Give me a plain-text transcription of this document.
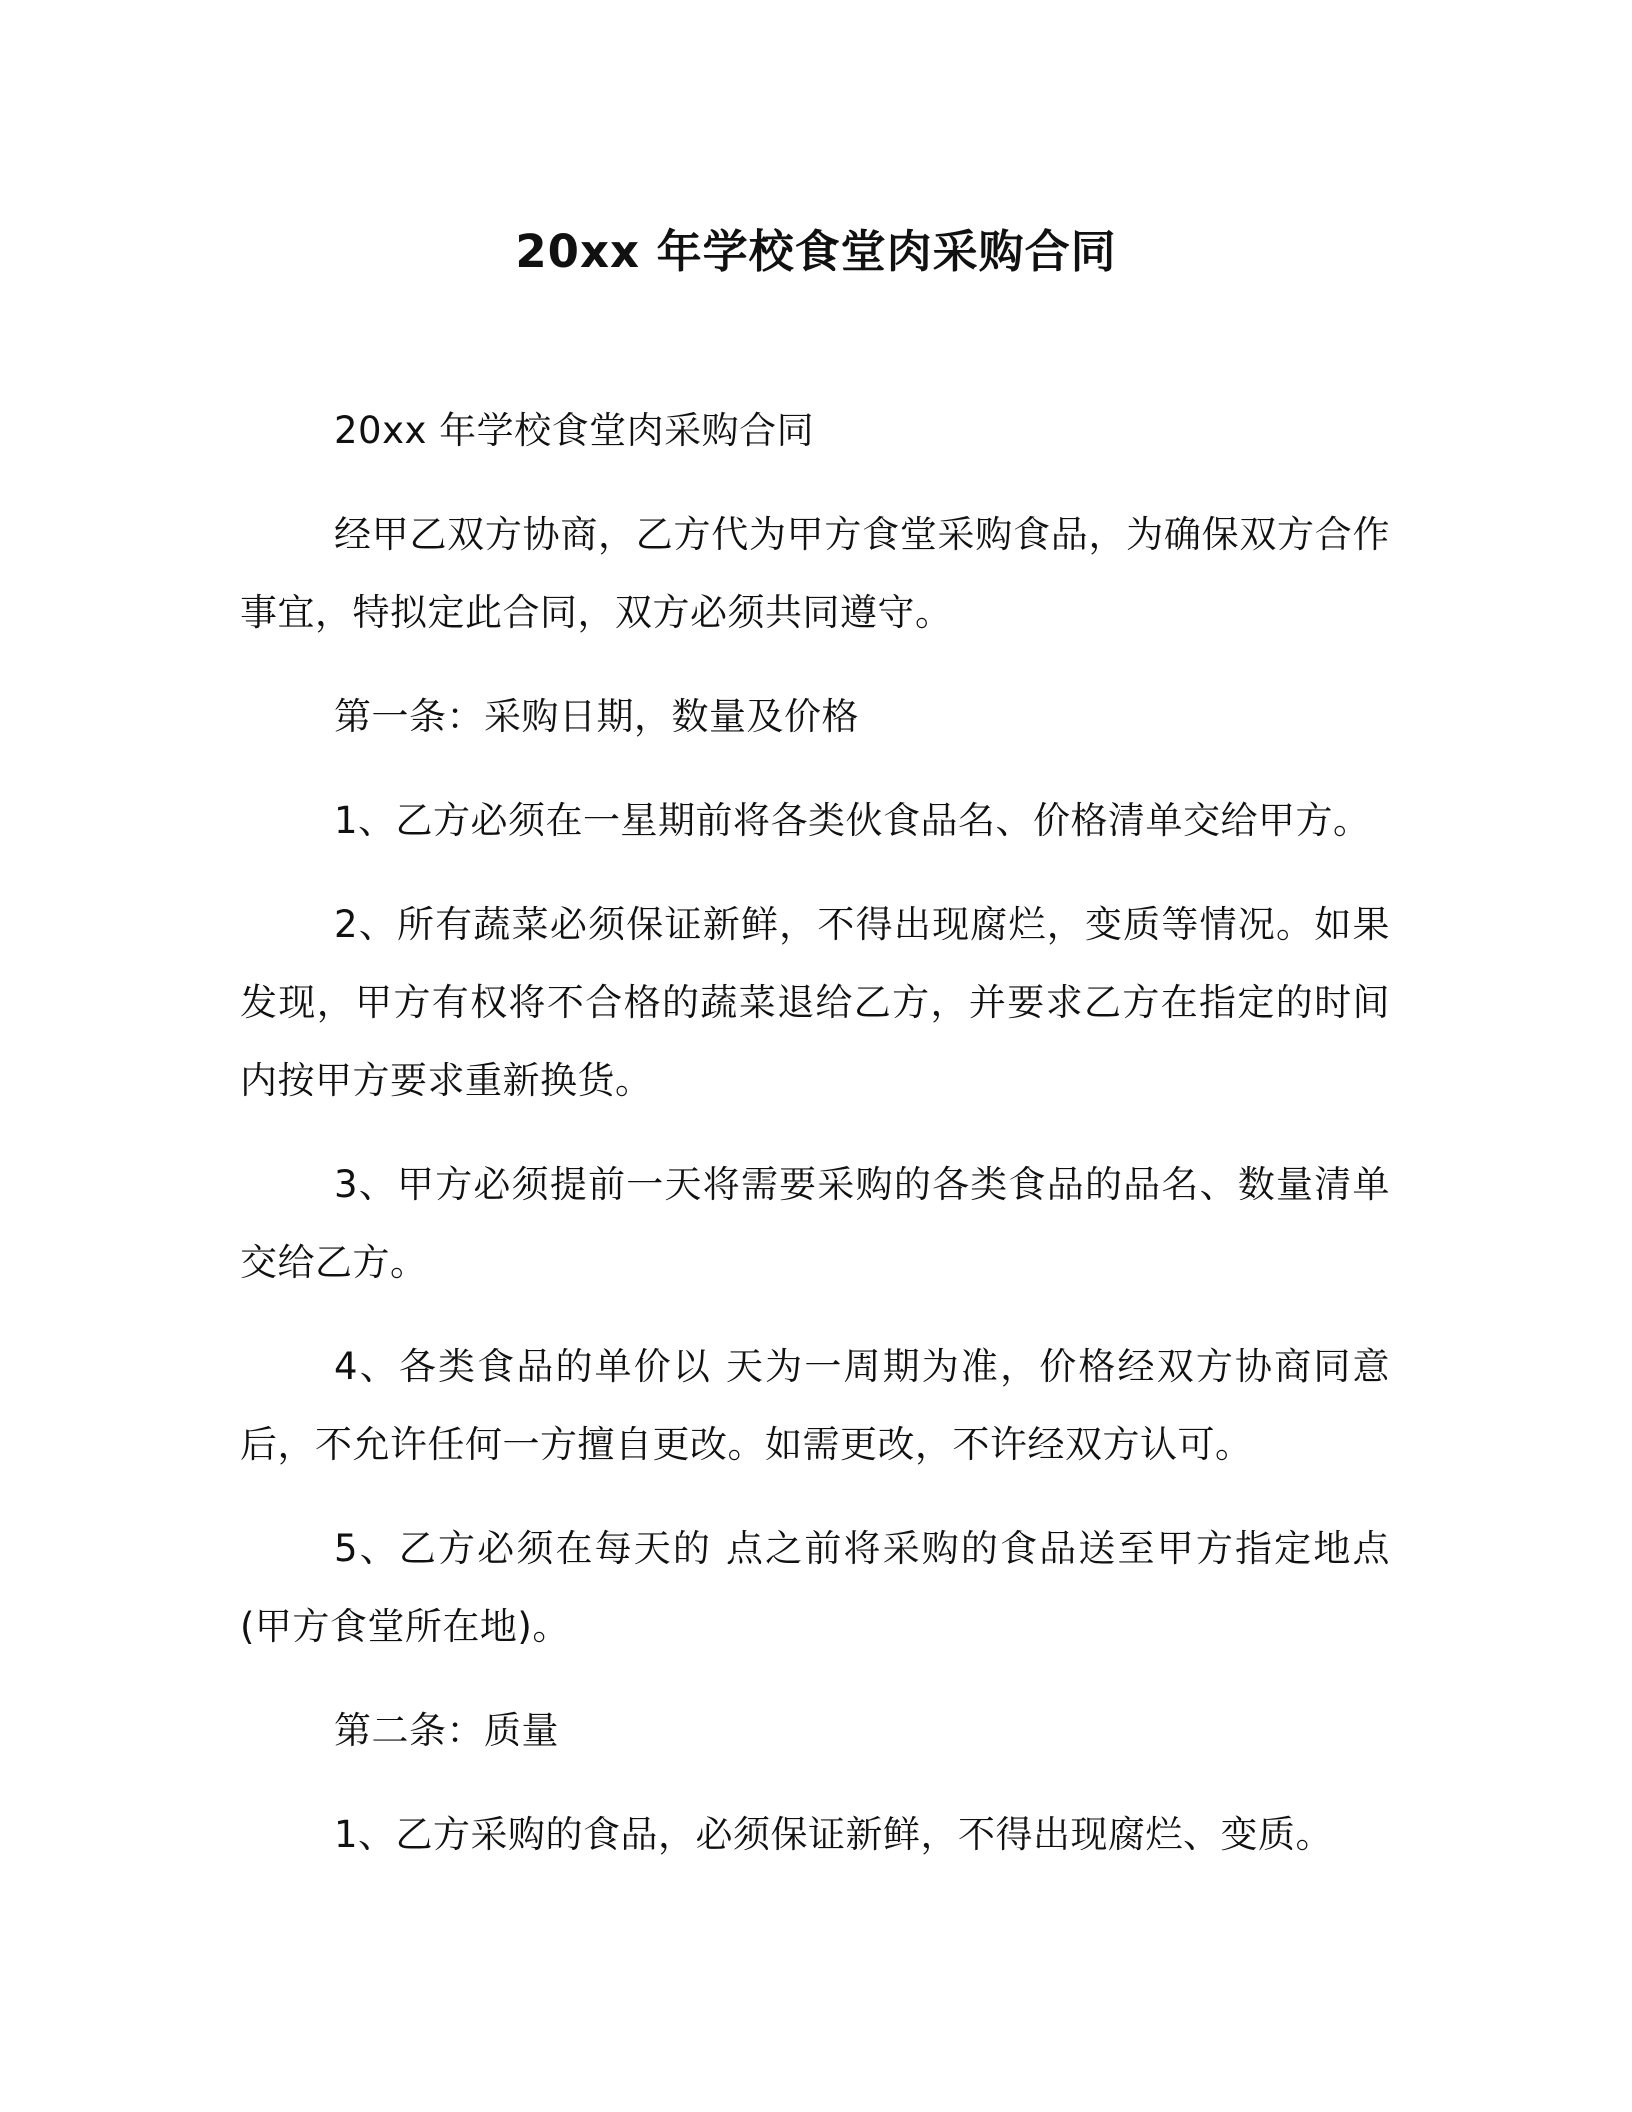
20xx 年学校食堂肉采购合同

20xx 年学校食堂肉采购合同

经甲乙双方协商，乙方代为甲方食堂采购食品，为确保双方合作事宜，特拟定此合同，双方必须共同遵守。

第一条：采购日期，数量及价格

1、乙方必须在一星期前将各类伙食品名、价格清单交给甲方。

2、所有蔬菜必须保证新鲜，不得出现腐烂，变质等情况。如果发现，甲方有权将不合格的蔬菜退给乙方，并要求乙方在指定的时间内按甲方要求重新换货。

3、甲方必须提前一天将需要采购的各类食品的品名、数量清单交给乙方。

4、各类食品的单价以 天为一周期为准，价格经双方协商同意后，不允许任何一方擅自更改。如需更改，不许经双方认可。

5、乙方必须在每天的 点之前将采购的食品送至甲方指定地点(甲方食堂所在地)。

第二条：质量

1、乙方采购的食品，必须保证新鲜，不得出现腐烂、变质。
